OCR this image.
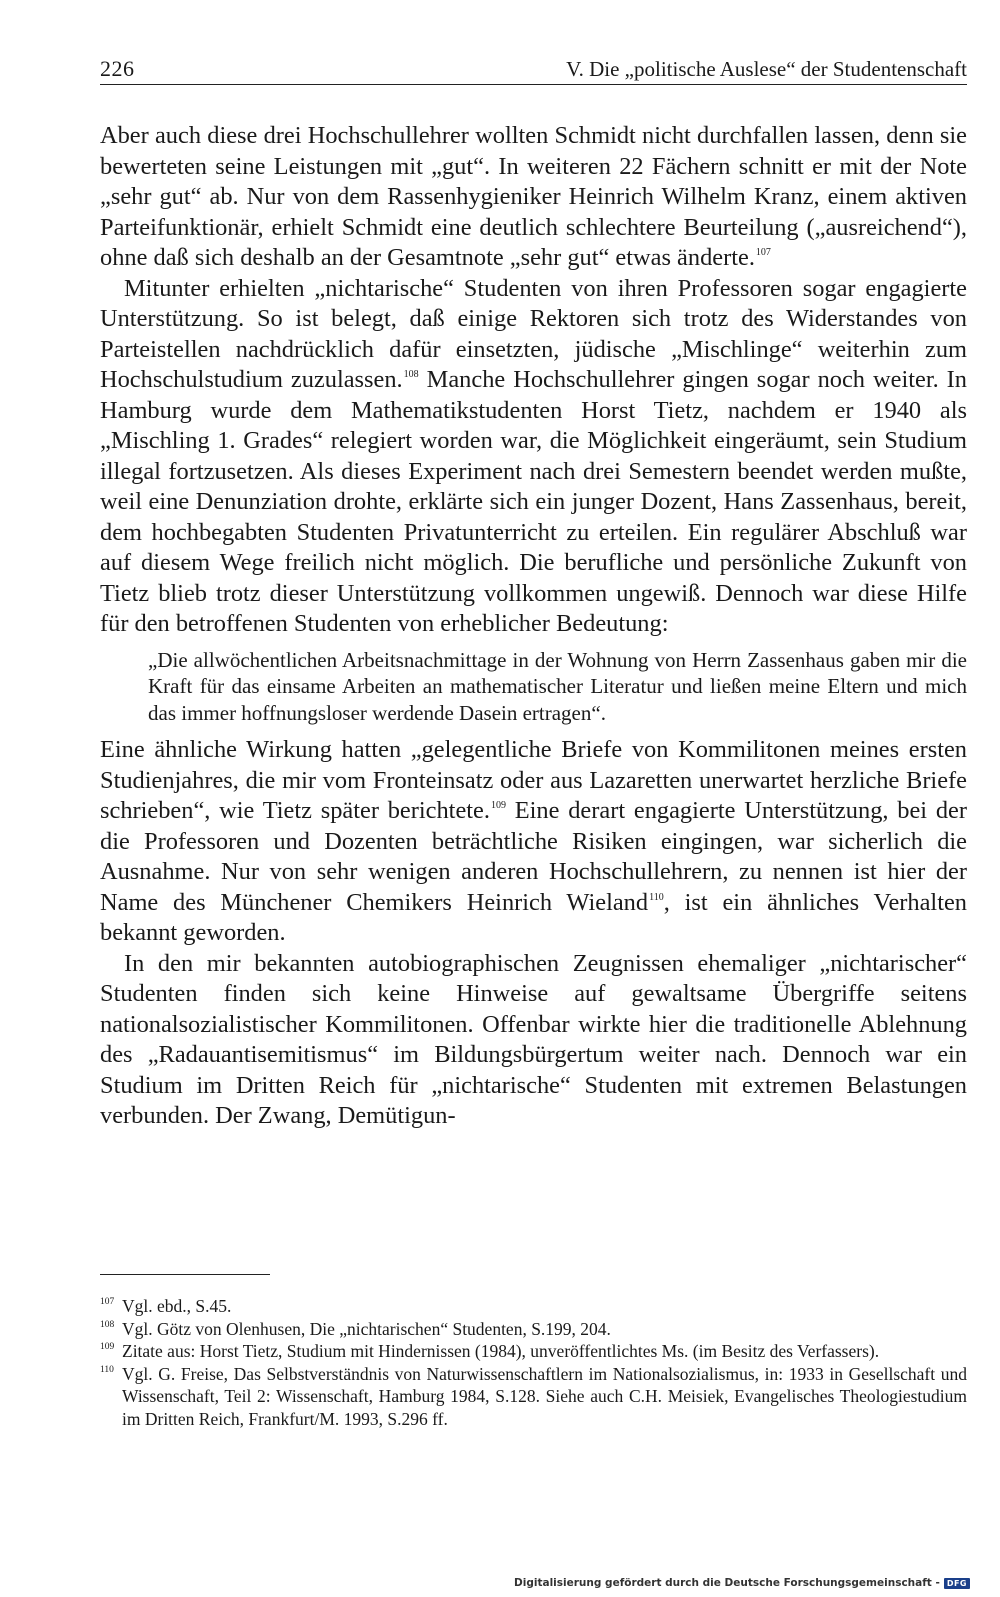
226	V. Die „politische Auslese“ der Studentenschaft

Aber auch diese drei Hochschullehrer wollten Schmidt nicht durchfallen lassen, denn sie bewerteten seine Leistungen mit „gut“. In weiteren 22 Fächern schnitt er mit der Note „sehr gut“ ab. Nur von dem Rassenhygieniker Heinrich Wilhelm Kranz, einem aktiven Parteifunktionär, erhielt Schmidt eine deutlich schlechtere Beurteilung („ausreichend“), ohne daß sich deshalb an der Gesamtnote „sehr gut“ etwas änderte.$^{107}$

Mitunter erhielten „nichtarische“ Studenten von ihren Professoren sogar engagierte Unterstützung. So ist belegt, daß einige Rektoren sich trotz des Widerstandes von Parteistellen nachdrücklich dafür einsetzten, jüdische „Mischlinge“ weiterhin zum Hochschulstudium zuzulassen.$^{108}$ Manche Hochschullehrer gingen sogar noch weiter. In Hamburg wurde dem Mathematikstudenten Horst Tietz, nachdem er 1940 als „Mischling 1. Grades“ relegiert worden war, die Möglichkeit eingeräumt, sein Studium illegal fortzusetzen. Als dieses Experiment nach drei Semestern beendet werden mußte, weil eine Denunziation drohte, erklärte sich ein junger Dozent, Hans Zassenhaus, bereit, dem hochbegabten Studenten Privatunterricht zu erteilen. Ein regulärer Abschluß war auf diesem Wege freilich nicht möglich. Die berufliche und persönliche Zukunft von Tietz blieb trotz dieser Unterstützung vollkommen ungewiß. Dennoch war diese Hilfe für den betroffenen Studenten von erheblicher Bedeutung:

„Die allwöchentlichen Arbeitsnachmittage in der Wohnung von Herrn Zassenhaus gaben mir die Kraft für das einsame Arbeiten an mathematischer Literatur und ließen meine Eltern und mich das immer hoffnungsloser werdende Dasein ertragen“.

Eine ähnliche Wirkung hatten „gelegentliche Briefe von Kommilitonen meines ersten Studienjahres, die mir vom Fronteinsatz oder aus Lazaretten unerwartet herzliche Briefe schrieben“, wie Tietz später berichtete.$^{109}$ Eine derart engagierte Unterstützung, bei der die Professoren und Dozenten beträchtliche Risiken eingingen, war sicherlich die Ausnahme. Nur von sehr wenigen anderen Hochschullehrern, zu nennen ist hier der Name des Münchener Chemikers Heinrich Wieland$^{110}$, ist ein ähnliches Verhalten bekannt geworden.

In den mir bekannten autobiographischen Zeugnissen ehemaliger „nichtarischer“ Studenten finden sich keine Hinweise auf gewaltsame Übergriffe seitens nationalsozialistischer Kommilitonen. Offenbar wirkte hier die traditionelle Ablehnung des „Radauantisemitismus“ im Bildungsbürgertum weiter nach. Dennoch war ein Studium im Dritten Reich für „nichtarische“ Studenten mit extremen Belastungen verbunden. Der Zwang, Demütigun-

107 Vgl. ebd., S.45.
108 Vgl. Götz von Olenhusen, Die „nichtarischen“ Studenten, S.199, 204.
109 Zitate aus: Horst Tietz, Studium mit Hindernissen (1984), unveröffentlichtes Ms. (im Besitz des Verfassers).
110 Vgl. G. Freise, Das Selbstverständnis von Naturwissenschaftlern im Nationalsozialismus, in: 1933 in Gesellschaft und Wissenschaft, Teil 2: Wissenschaft, Hamburg 1984, S.128. Siehe auch C.H. Meisiek, Evangelisches Theologiestudium im Dritten Reich, Frankfurt/M. 1993, S.296 ff.
Digitalisierung gefördert durch die Deutsche Forschungsgemeinschaft - DFG
